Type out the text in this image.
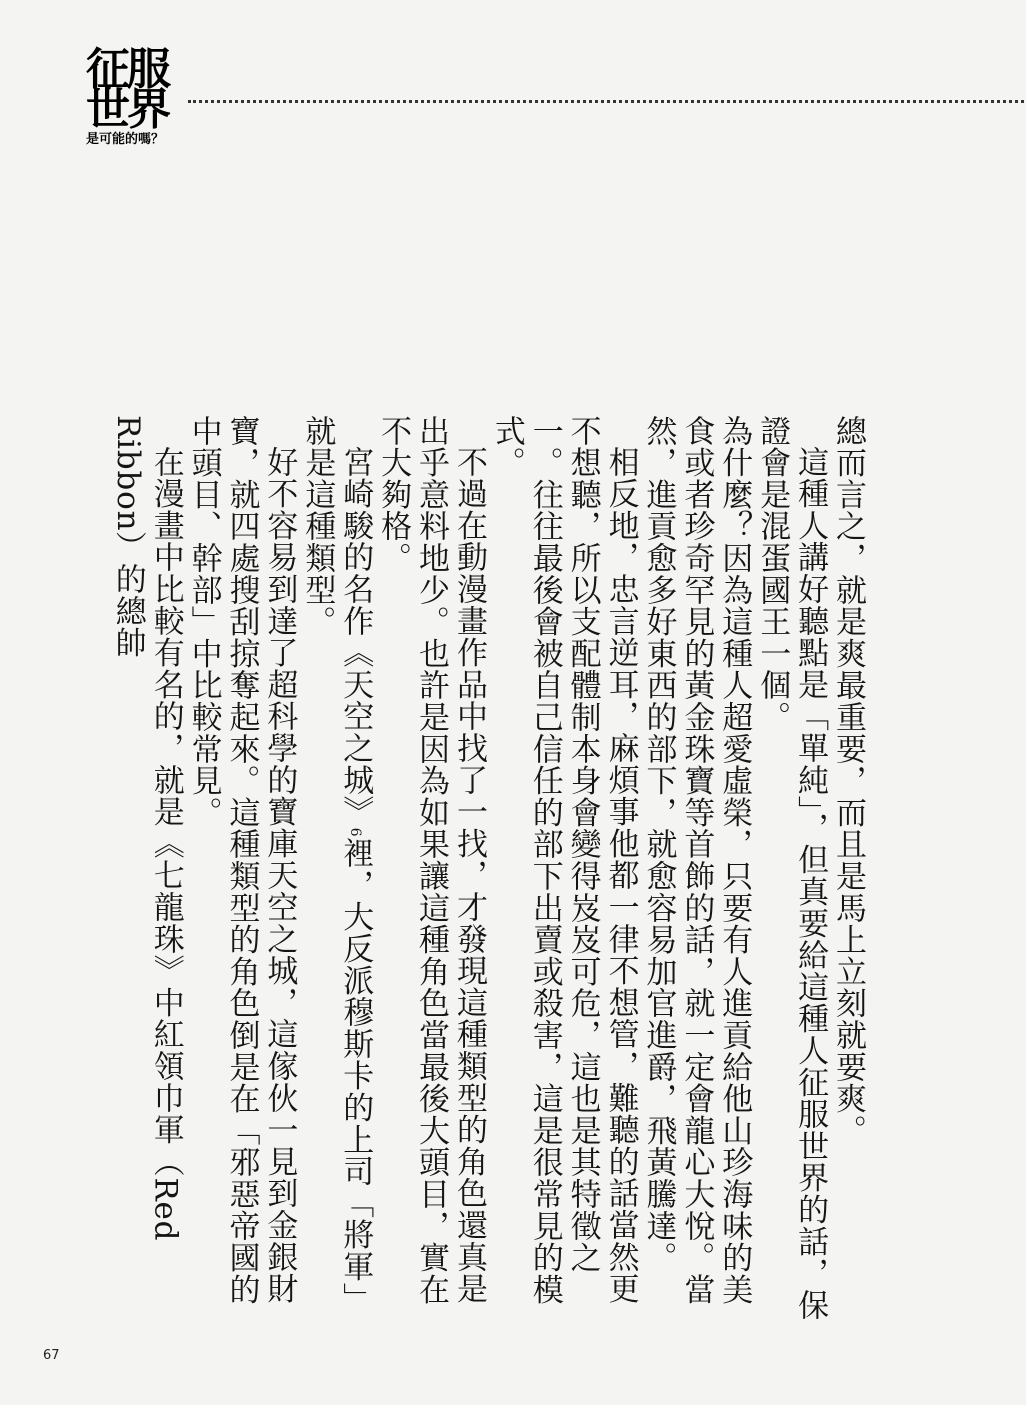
征服
世界
是可能的嗎？

總而言之，就是爽最重要，而且是馬上立刻就要爽。

這種人講好聽點是「單純」，但真要給這種人征服世界的話，保證會是混蛋國王一個。

為什麼？因為這種人超愛虛榮，只要有人進貢給他山珍海味的美食或者珍奇罕見的黃金珠寶等首飾的話，就一定會龍心大悅。當然，進貢愈多好東西的部下，就愈容易加官進爵，飛黃騰達。

相反地，忠言逆耳，麻煩事他都一律不想管，難聽的話當然更不想聽，所以支配體制本身會變得岌岌可危，這也是其特徵之一。往往最後會被自己信任的部下出賣或殺害，這是很常見的模式。

不過在動漫畫作品中找了一找，才發現這種類型的角色還真是出乎意料地少。也許是因為如果讓這種角色當最後大頭目，實在不大夠格。

宮崎駿的名作《天空之城》6裡，大反派穆斯卡的上司「將軍」就是這種類型。

好不容易到達了超科學的寶庫天空之城，這傢伙一見到金銀財寶，就四處搜刮掠奪起來。這種類型的角色倒是在「邪惡帝國的中頭目、幹部」中比較常見。

在漫畫中比較有名的，就是《七龍珠》中紅領巾軍（Red Ribbon）的總帥

67
